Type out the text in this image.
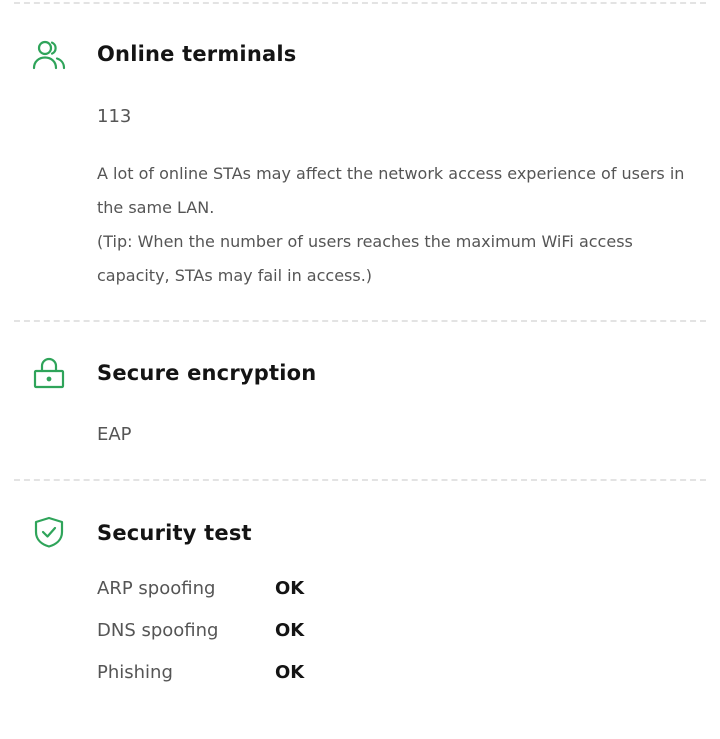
Online terminals
113

A lot of online STAs may affect the network access experience of users in the same LAN.

(Tip: When the number of users reaches the maximum WiFi access capacity, STAs may fail in access.)

Secure encryption
EAP
Security test
ARP spoofing	OK
DNS spoofing	OK
Phishing	OK
